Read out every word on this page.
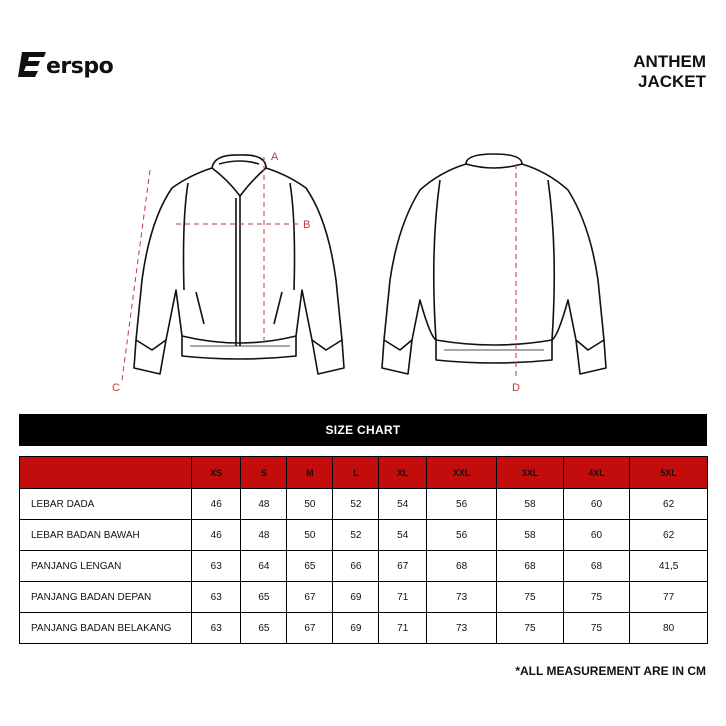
erspo	ANTHEM
JACKET
A
B
C	D
SIZE CHART
	XS	S	M	L	XL	XXL	3XL	4XL	5XL
LEBAR DADA	46	48	50	52	54	56	58	60	62
LEBAR BADAN BAWAH	46	48	50	52	54	56	58	60	62
PANJANG LENGAN	63	64	65	66	67	68	68	68	41,5
PANJANG BADAN DEPAN	63	65	67	69	71	73	75	75	77
PANJANG BADAN BELAKANG	63	65	67	69	71	73	75	75	80
*ALL MEASUREMENT ARE IN CM
